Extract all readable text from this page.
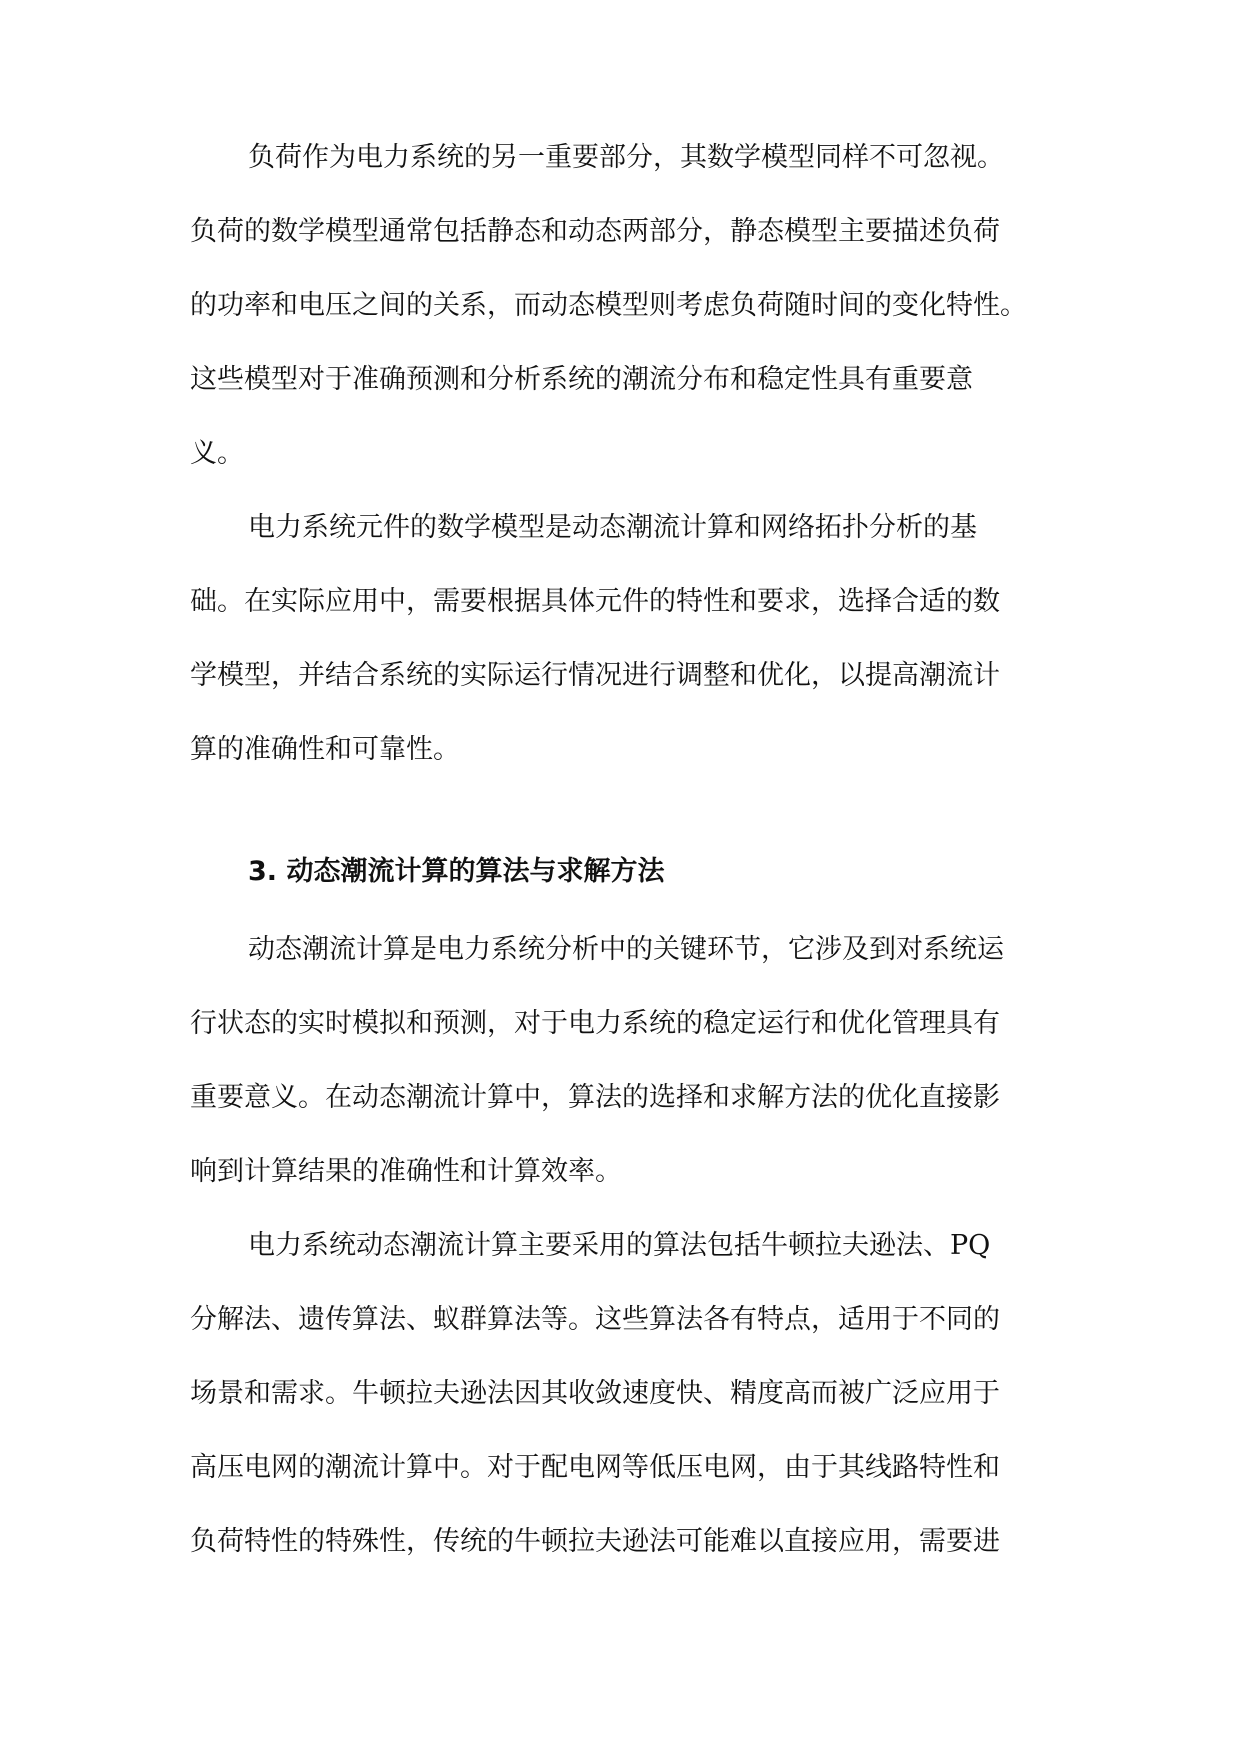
负荷作为电力系统的另一重要部分，其数学模型同样不可忽视。
负荷的数学模型通常包括静态和动态两部分，静态模型主要描述负荷
的功率和电压之间的关系，而动态模型则考虑负荷随时间的变化特性。
这些模型对于准确预测和分析系统的潮流分布和稳定性具有重要意
义。
电力系统元件的数学模型是动态潮流计算和网络拓扑分析的基
础。在实际应用中，需要根据具体元件的特性和要求，选择合适的数
学模型，并结合系统的实际运行情况进行调整和优化，以提高潮流计
算的准确性和可靠性。
3. 动态潮流计算的算法与求解方法
动态潮流计算是电力系统分析中的关键环节，它涉及到对系统运
行状态的实时模拟和预测，对于电力系统的稳定运行和优化管理具有
重要意义。在动态潮流计算中，算法的选择和求解方法的优化直接影
响到计算结果的准确性和计算效率。
电力系统动态潮流计算主要采用的算法包括牛顿拉夫逊法、PQ
分解法、遗传算法、蚁群算法等。这些算法各有特点，适用于不同的
场景和需求。牛顿拉夫逊法因其收敛速度快、精度高而被广泛应用于
高压电网的潮流计算中。对于配电网等低压电网，由于其线路特性和
负荷特性的特殊性，传统的牛顿拉夫逊法可能难以直接应用，需要进
